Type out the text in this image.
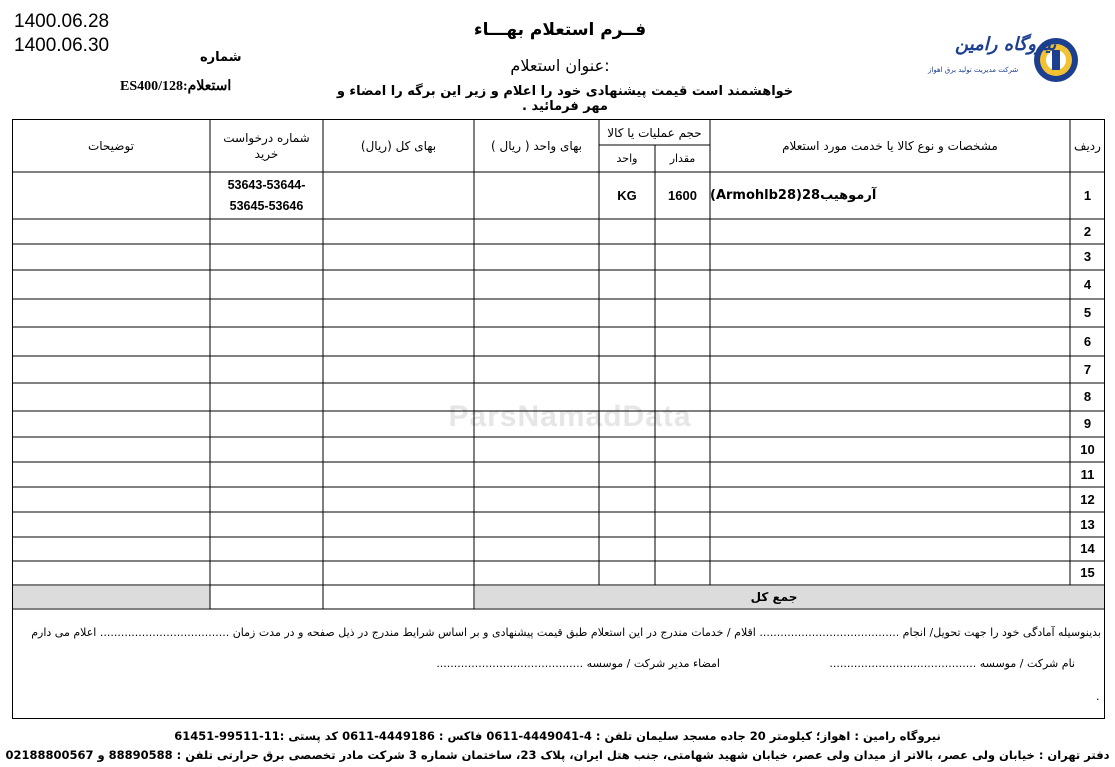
1400.06.28
1400.06.30
فــرم استعلام بهـــاء
عنوان استعلام:
خواهشمند است قیمت پیشنهادی خود را اعلام و زیر این برگه را امضاء و مهر فرمائید .
شماره
استعلام:ES400/128
نیروگاه رامین
شرکت مدیریت تولید برق اهواز
ParsNamadData
ردیف
مشخصات و نوع کالا یا خدمت مورد استعلام
حجم عملیات یا کالا
مقدار
واحد
بهای واحد ( ریال )
بهای کل (ریال)
شماره درخواست خرید
توضیحات
آرموهیب28(Armohlb28)
1600
KG
53643-53644-
53645-53646
1
2
3
4
5
6
7
8
9
10
11
12
13
14
15
جمع كل
بدینوسیله آمادگی خود را جهت تحویل/ انجام ........................................ اقلام / خدمات مندرج در این استعلام طبق قیمت پیشنهادی و بر اساس شرایط مندرج در ذیل صفحه و در مدت زمان ..................................... اعلام می دارم
نام شرکت / موسسه ..........................................
امضاء مدیر شرکت / موسسه ..........................................
.
نیروگاه رامین : اهواز؛ کیلومتر 20 جاده مسجد سلیمان تلفن : 4-4449041-0611 فاکس : 4449186-0611 کد پستی :11-99511-61451
دفتر تهران : خیابان ولی عصر، بالاتر از میدان ولی عصر، خیابان شهید شهامتی، جنب هتل ایران، پلاک 23، ساختمان شماره 3 شرکت مادر تخصصی برق حرارتی تلفن : 88890588 و 02188800567
